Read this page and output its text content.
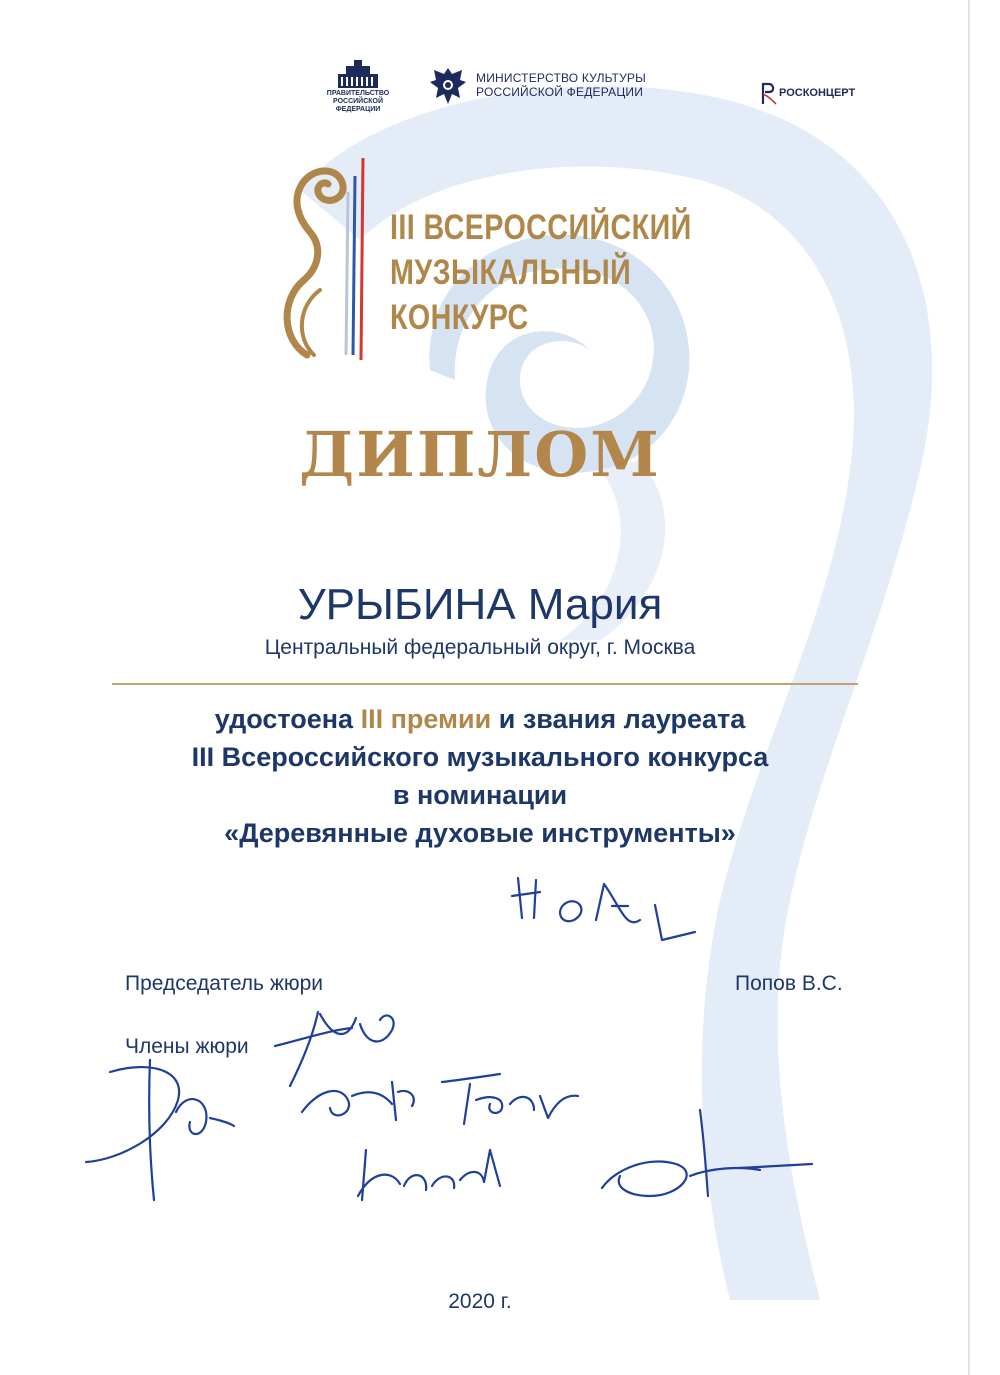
ПРАВИТЕЛЬСТВО
РОССИЙСКОЙ
ФЕДЕРАЦИИ
МИНИСТЕРСТВО КУЛЬТУРЫ
РОССИЙСКОЙ ФЕДЕРАЦИИ	РОСКОНЦЕРТ
III ВСЕРОССИЙСКИЙ
МУЗЫКАЛЬНЫЙ
КОНКУРС
ДИПЛОМ
УРЫБИНА Мария
Центральный федеральный округ, г. Москва
удостоена III премии и звания лауреата
III Всероссийского музыкального конкурса
в номинации
«Деревянные духовые инструменты»
Председатель жюри	Попов В.С.
Члены жюри
2020 г.
